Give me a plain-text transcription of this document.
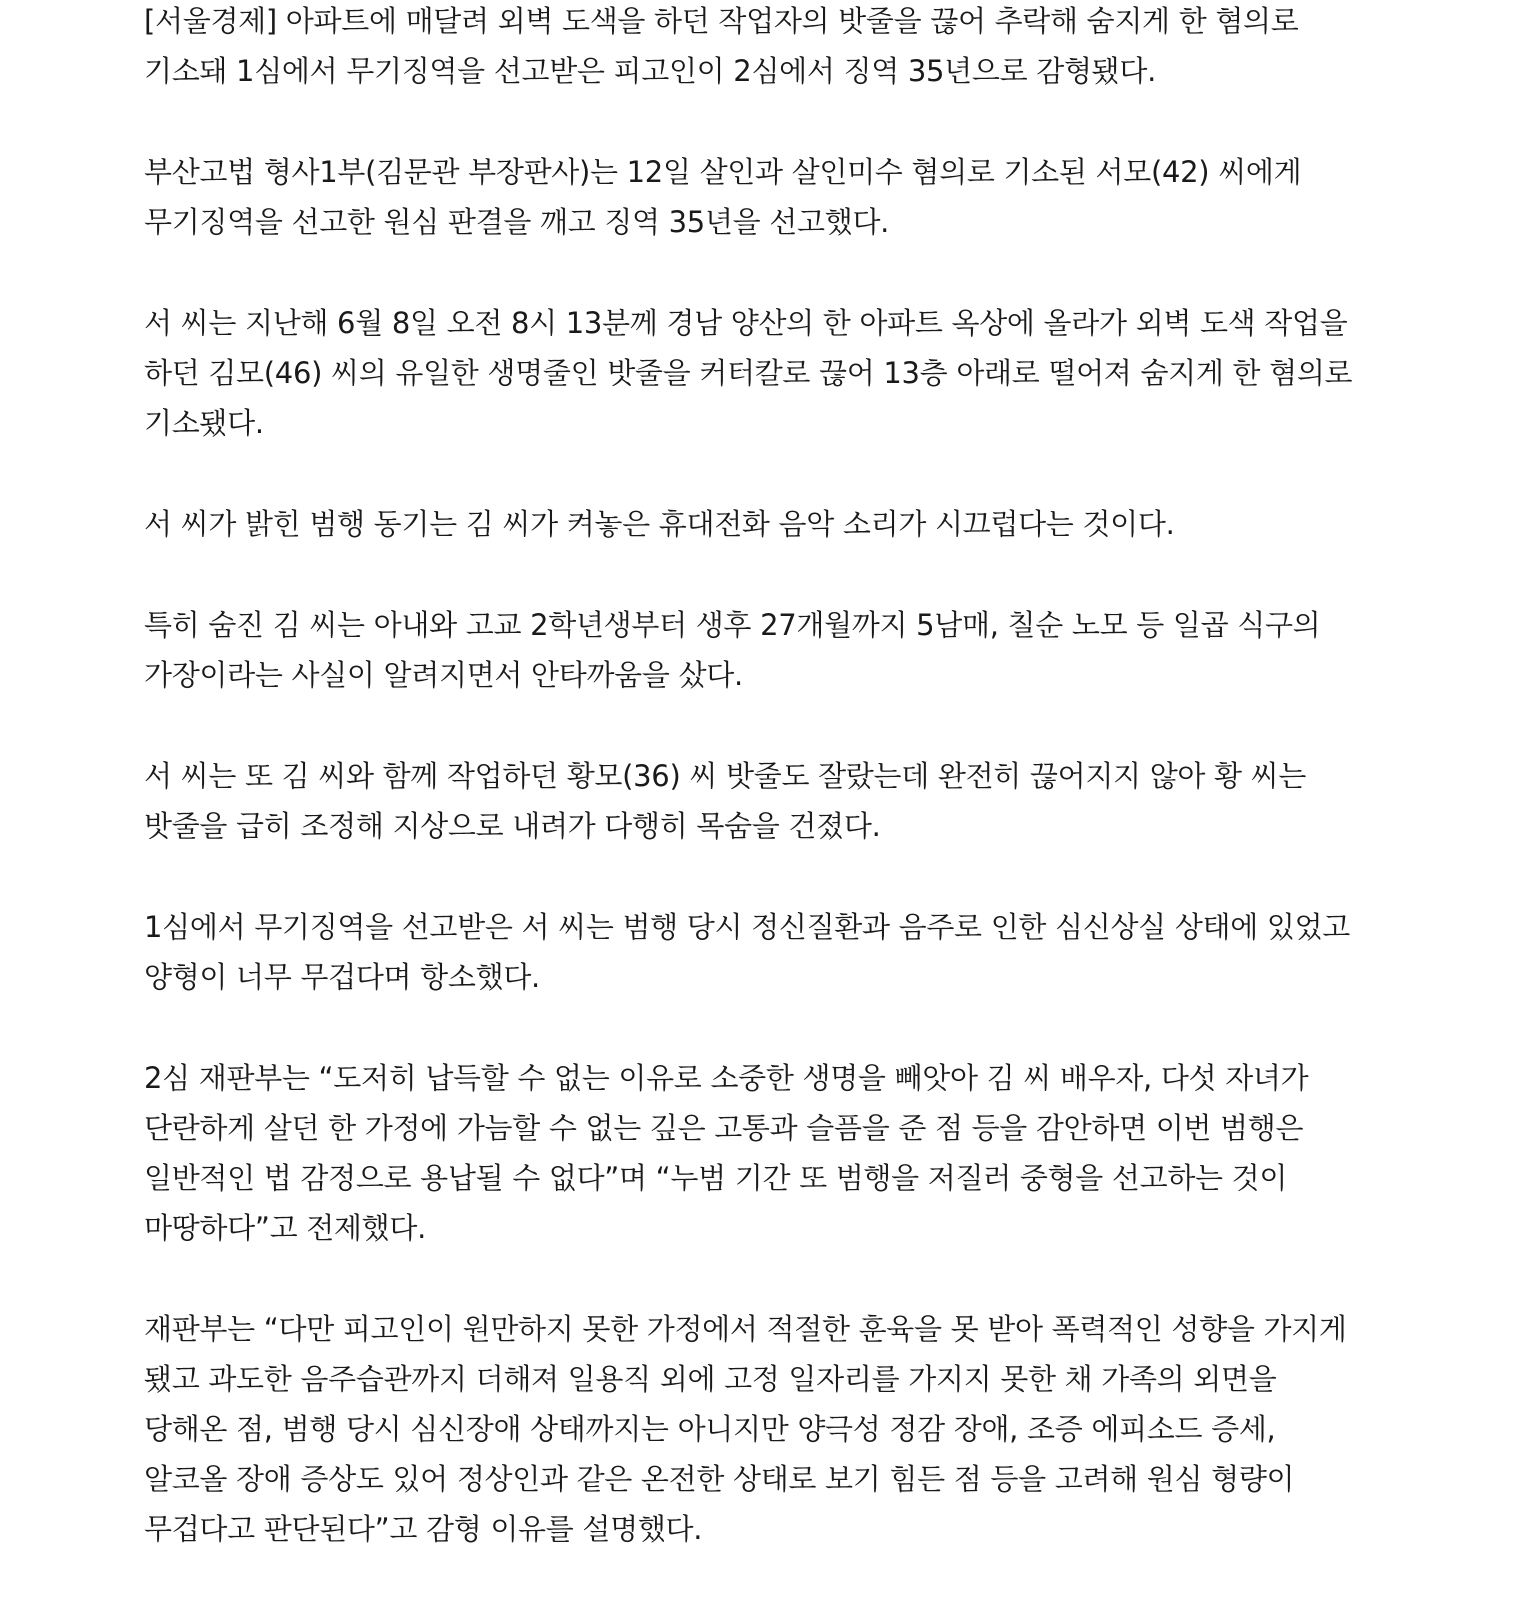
[서울경제] 아파트에 매달려 외벽 도색을 하던 작업자의 밧줄을 끊어 추락해 숨지게 한 혐의로 기소돼 1심에서 무기징역을 선고받은 피고인이 2심에서 징역 35년으로 감형됐다.

부산고법 형사1부(김문관 부장판사)는 12일 살인과 살인미수 혐의로 기소된 서모(42) 씨에게 무기징역을 선고한 원심 판결을 깨고 징역 35년을 선고했다.

서 씨는 지난해 6월 8일 오전 8시 13분께 경남 양산의 한 아파트 옥상에 올라가 외벽 도색 작업을 하던 김모(46) 씨의 유일한 생명줄인 밧줄을 커터칼로 끊어 13층 아래로 떨어져 숨지게 한 혐의로 기소됐다.

서 씨가 밝힌 범행 동기는 김 씨가 켜놓은 휴대전화 음악 소리가 시끄럽다는 것이다.

특히 숨진 김 씨는 아내와 고교 2학년생부터 생후 27개월까지 5남매, 칠순 노모 등 일곱 식구의 가장이라는 사실이 알려지면서 안타까움을 샀다.

서 씨는 또 김 씨와 함께 작업하던 황모(36) 씨 밧줄도 잘랐는데 완전히 끊어지지 않아 황 씨는 밧줄을 급히 조정해 지상으로 내려가 다행히 목숨을 건졌다.

1심에서 무기징역을 선고받은 서 씨는 범행 당시 정신질환과 음주로 인한 심신상실 상태에 있었고 양형이 너무 무겁다며 항소했다.

2심 재판부는 “도저히 납득할 수 없는 이유로 소중한 생명을 빼앗아 김 씨 배우자, 다섯 자녀가 단란하게 살던 한 가정에 가늠할 수 없는 깊은 고통과 슬픔을 준 점 등을 감안하면 이번 범행은 일반적인 법 감정으로 용납될 수 없다”며 “누범 기간 또 범행을 저질러 중형을 선고하는 것이 마땅하다”고 전제했다.

재판부는 “다만 피고인이 원만하지 못한 가정에서 적절한 훈육을 못 받아 폭력적인 성향을 가지게 됐고 과도한 음주습관까지 더해져 일용직 외에 고정 일자리를 가지지 못한 채 가족의 외면을 당해온 점, 범행 당시 심신장애 상태까지는 아니지만 양극성 정감 장애, 조증 에피소드 증세, 알코올 장애 증상도 있어 정상인과 같은 온전한 상태로 보기 힘든 점 등을 고려해 원심 형량이 무겁다고 판단된다”고 감형 이유를 설명했다.
